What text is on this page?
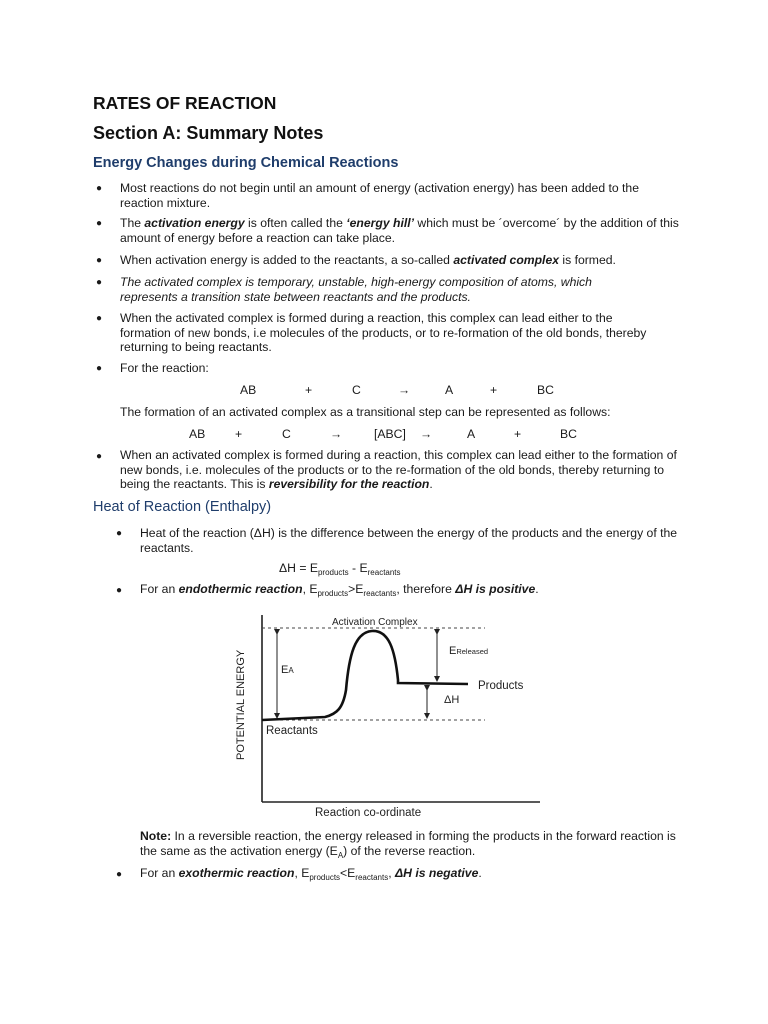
RATES OF REACTION
Section A: Summary Notes
Energy Changes during Chemical Reactions
● Most reactions do not begin until an amount of energy (activation energy) has been added to the reaction mixture.
● The activation energy is often called the ‘energy hill’ which must be ´overcome´ by the addition of this amount of energy before a reaction can take place.
● When activation energy is added to the reactants, a so-called activated complex is formed.
● The activated complex is temporary, unstable, high-energy composition of atoms, which represents a transition state between reactants and the products.
● When the activated complex is formed during a reaction, this complex can lead either to the formation of new bonds, i.e molecules of the products, or to re-formation of the old bonds, thereby returning to being reactants.
● For the reaction:
AB	+	C	→	A	+	BC
The formation of an activated complex as a transitional step can be represented as follows:
AB +	C	→	[ABC] →	A	+	BC
● When an activated complex is formed during a reaction, this complex can lead either to the formation of new bonds, i.e. molecules of the products or to the re-formation of the old bonds, thereby returning to being the reactants. This is reversibility for the reaction.
Heat of Reaction (Enthalpy)
● Heat of the reaction (ΔH) is the difference between the energy of the products and the energy of the reactants.
$\Delta H = E_{products} - E_{reactants}$
● For an endothermic reaction, $E_{products}>E_{reactants}$, therefore ΔH is positive.
POTENTIAL ENERGY
Reaction co-ordinate
Activation Complex
EA
EReleased
Products
Reactants
ΔH
Note: In a reversible reaction, the energy released in forming the products in the forward reaction is the same as the activation energy $(E_A)$ of the reverse reaction.
● For an exothermic reaction, $E_{products}<E_{reactants}$, ΔH is negative.
